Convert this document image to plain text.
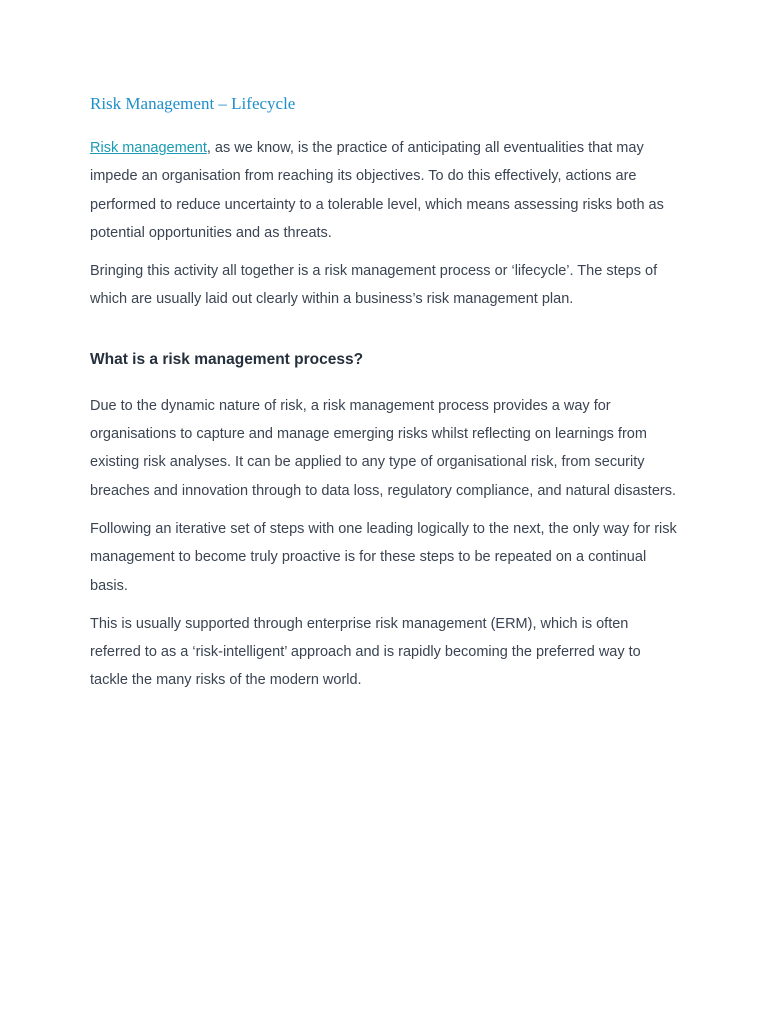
Risk Management – Lifecycle

Risk management, as we know, is the practice of anticipating all eventualities that may impede an organisation from reaching its objectives. To do this effectively, actions are performed to reduce uncertainty to a tolerable level, which means assessing risks both as potential opportunities and as threats.

Bringing this activity all together is a risk management process or ‘lifecycle’. The steps of which are usually laid out clearly within a business’s risk management plan.

What is a risk management process?

Due to the dynamic nature of risk, a risk management process provides a way for organisations to capture and manage emerging risks whilst reflecting on learnings from existing risk analyses. It can be applied to any type of organisational risk, from security breaches and innovation through to data loss, regulatory compliance, and natural disasters.

Following an iterative set of steps with one leading logically to the next, the only way for risk management to become truly proactive is for these steps to be repeated on a continual basis.

This is usually supported through enterprise risk management (ERM), which is often referred to as a ‘risk-intelligent’ approach and is rapidly becoming the preferred way to tackle the many risks of the modern world.
